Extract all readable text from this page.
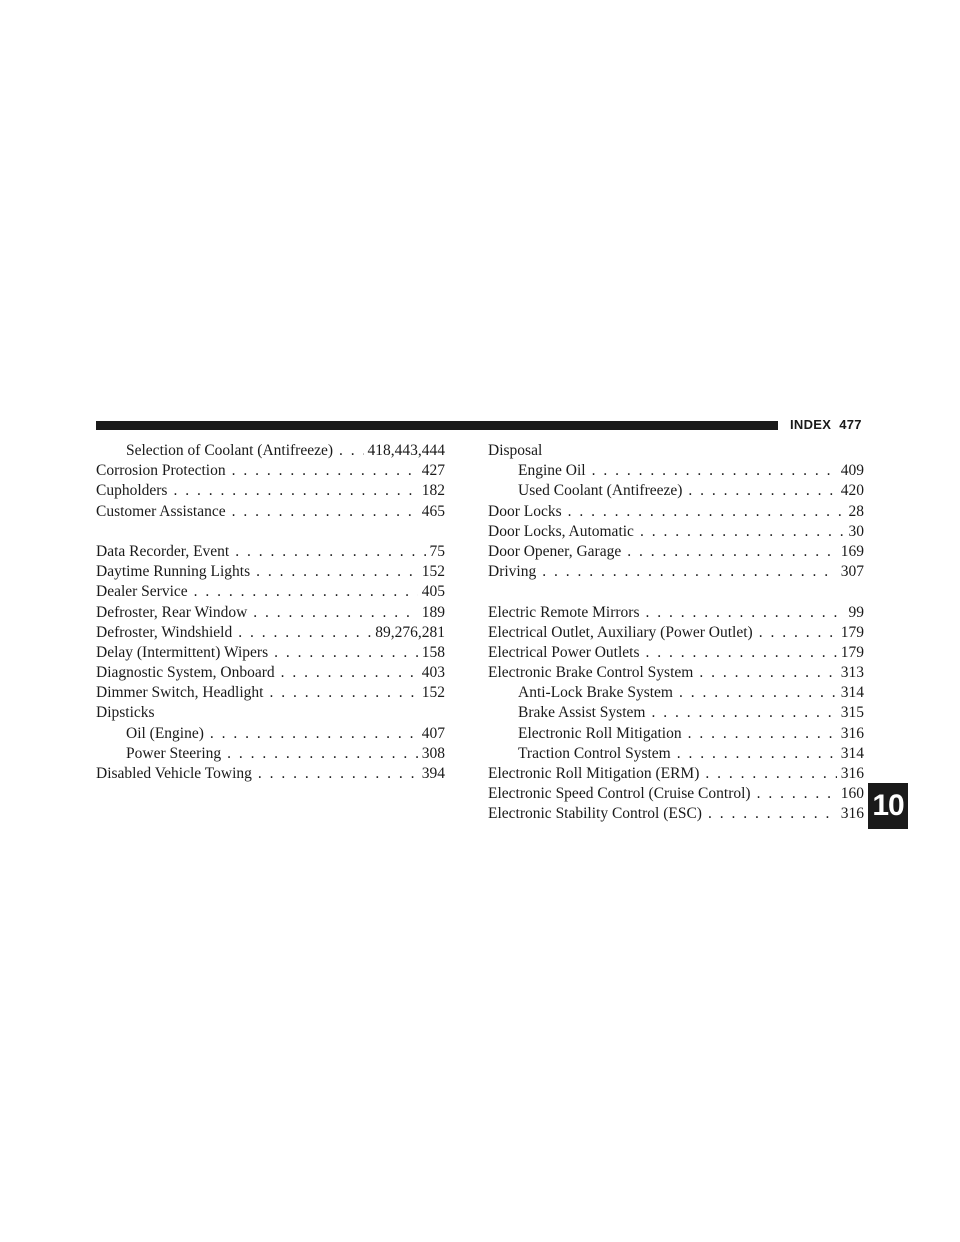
INDEX 477
Selection of Coolant (Antifreeze) . . . 418,443,444
Corrosion Protection . . .	427
Cupholders . . .	182
Customer Assistance . . .	465
Data Recorder, Event . . .	75
Daytime Running Lights . . .	152
Dealer Service . . .	405
Defroster, Rear Window . . .	189
Defroster, Windshield . . .	89,276,281
Delay (Intermittent) Wipers . . .	158
Diagnostic System, Onboard . . .	403
Dimmer Switch, Headlight . . .	152
Dipsticks
Oil (Engine) . . .	407
Power Steering . . .	308
Disabled Vehicle Towing . . .	394
Disposal
Engine Oil . . .	409
Used Coolant (Antifreeze) . . .	420
Door Locks . . .	28
Door Locks, Automatic . . .	30
Door Opener, Garage . . .	169
Driving . . .	307
Electric Remote Mirrors . . .	99
Electrical Outlet, Auxiliary (Power Outlet) . . .	179
Electrical Power Outlets . . .	179
Electronic Brake Control System . . .	313
Anti-Lock Brake System . . .	314
Brake Assist System . . .	315
Electronic Roll Mitigation . . .	316
Traction Control System . . .	314
Electronic Roll Mitigation (ERM) . . .	316
Electronic Speed Control (Cruise Control) . . .	160
Electronic Stability Control (ESC) . . .	316 10
